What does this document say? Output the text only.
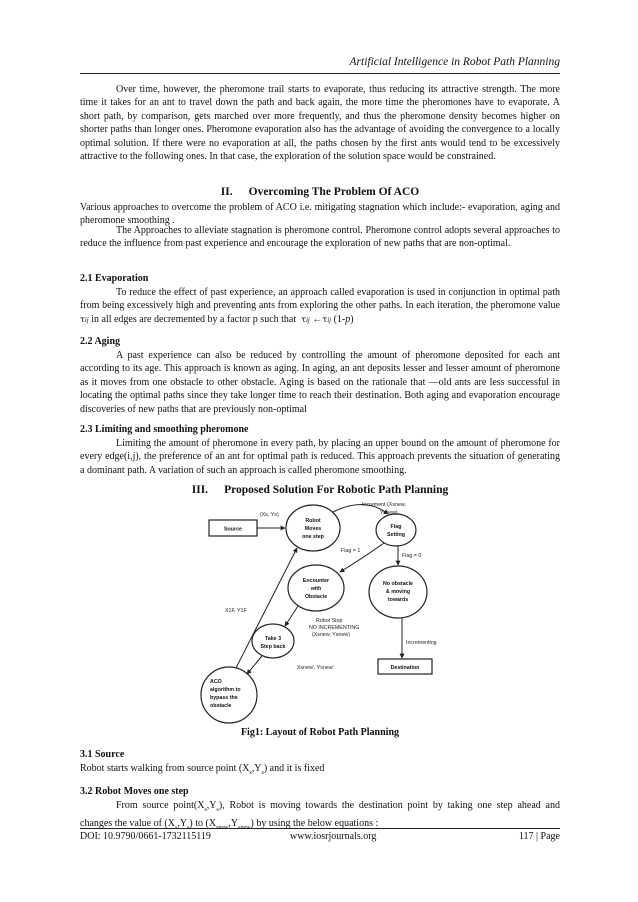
Artificial Intelligence in Robot Path Planning

Over time, however, the pheromone trail starts to evaporate, thus reducing its attractive strength. The more time it takes for an ant to travel down the path and back again, the more time the pheromones have to evaporate. A short path, by comparison, gets marched over more frequently, and thus the pheromone density becomes higher on shorter paths than longer ones. Pheromone evaporation also has the advantage of avoiding the convergence to a locally optimal solution. If there were no evaporation at all, the paths chosen by the first ants would tend to be excessively attractive to the following ones. In that case, the exploration of the solution space would be constrained.

II. Overcoming The Problem Of ACO

Various approaches to overcome the problem of ACO i.e. mitigating stagnation which include:- evaporation, aging and pheromone smoothing .

The Approaches to alleviate stagnation is pheromone control. Pheromone control adopts several approaches to reduce the influence from past experience and encourage the exploration of new paths that are non-optimal.

2.1 Evaporation

To reduce the effect of past experience, an approach called evaporation is used in conjunction in optimal path from being excessively high and preventing ants from exploring the other paths. In each iteration, the pheromone value τij in all edges are decremented by a factor p such that τij ←τij (1-p)

2.2 Aging

A past experience can also be reduced by controlling the amount of pheromone deposited for each ant according to its age. This approach is known as aging. In aging, an ant deposits lesser and lesser amount of pheromone as it moves from one obstacle to other obstacle. Aging is based on the rationale that ―old ants are less successful in locating the optimal paths since they take longer time to reach their destination. Both aging and evaporation encourage discoveries of new paths that are previously non-optimal

2.3 Limiting and smoothing pheromone

Limiting the amount of pheromone in every path, by placing an upper bound on the amount of pheromone for every edge(i,j), the preference of an ant for optimal path is reduced. This approach prevents the situation of generating a dominant path. A variation of such an approach is called pheromone smoothing.

III. Proposed Solution For Robotic Path Planning
Source
Robot
Moves
one step
Flag
Setting
Encounter
with
Obstacle
No obstacle
& moving
towards
Take 3
Step back
ACO
algorithm to
bypass the
obstacle
Destination
(Xs, Ys)
Increment (Xsnew,
Ysnew)
Flag = 1
Flag = 0
X1F, Y1F
Robot Stop
NO INCREMENTING
(Xsnew, Ysnew)
Incrementing
Xsnew', Ysnew'
Fig1: Layout of Robot Path Planning
3.1 Source

Robot starts walking from source point $(X_s,Y_s)$ and it is fixed

3.2 Robot Moves one step

From source $point(X_s,Y_s)$, Robot is moving towards the destination point by taking one step ahead and changes the value of $(X_s,Y_s)$ to $(X_{snew},Y_{snew})$ by using the below equations :

DOI: 10.9790/0661-1732115119	www.iosrjournals.org	117 | Page
